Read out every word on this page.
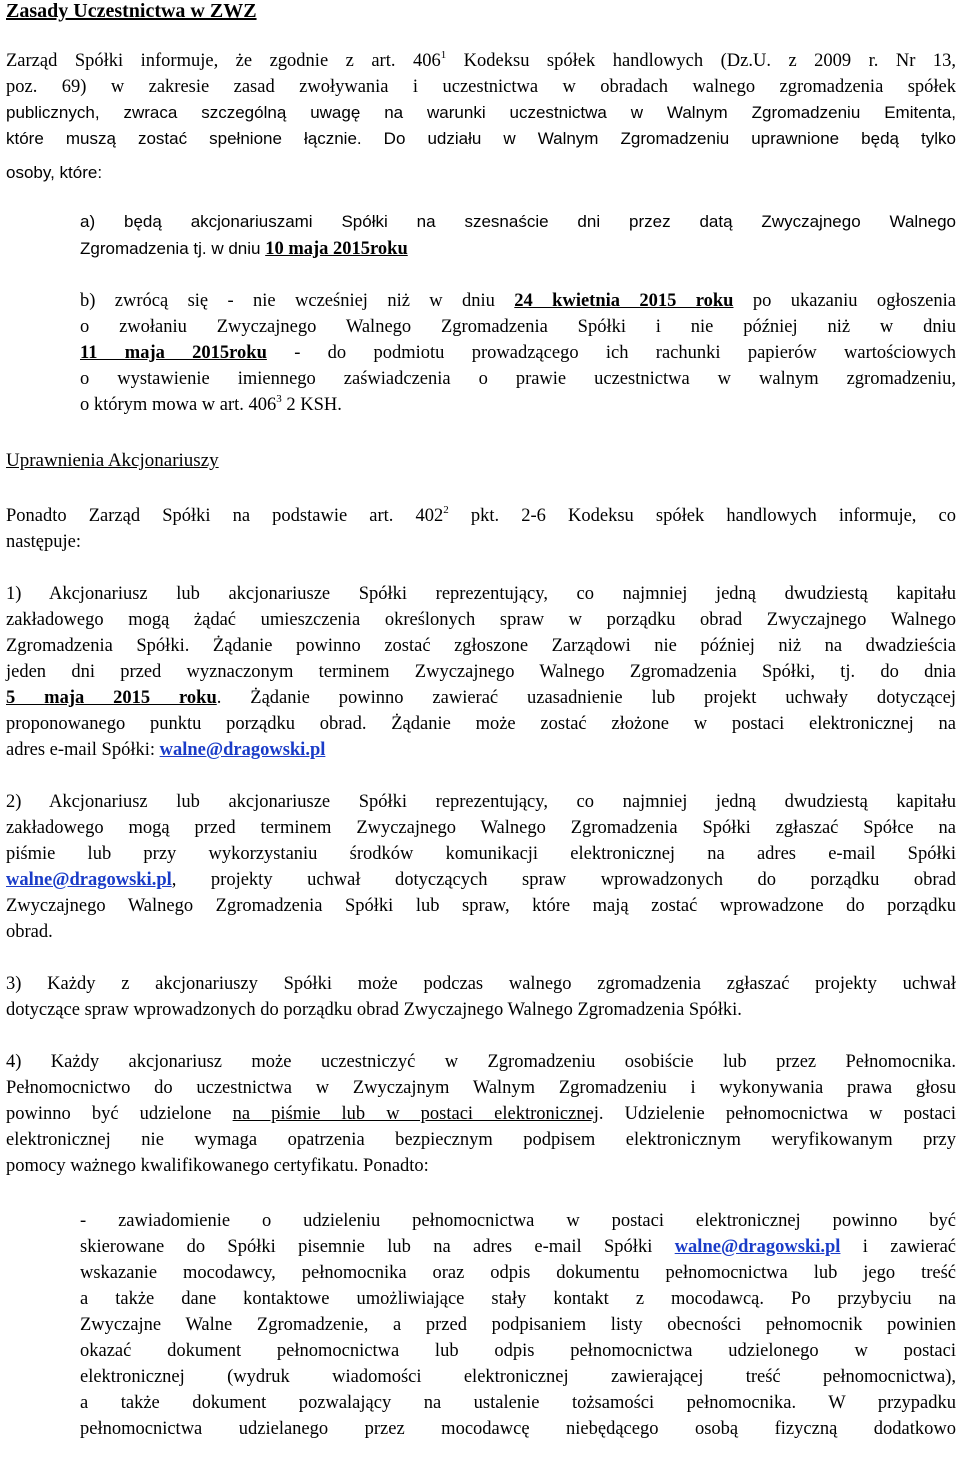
Zasady Uczestnictwa w ZWZ
Zarząd Spółki informuje, że zgodnie z art. $406^1$ Kodeksu spółek handlowych (Dz.U. z 2009 r. Nr 13,
poz. 69) w zakresie zasad zwoływania i uczestnictwa w obradach walnego zgromadzenia spółek
publicznych, zwraca szczególną uwagę na warunki uczestnictwa w Walnym Zgromadzeniu Emitenta,
które muszą zostać spełnione łącznie. Do udziału w Walnym Zgromadzeniu uprawnione będą tylko
osoby, które:
a) będą akcjonariuszami Spółki na szesnaście dni przez datą Zwyczajnego Walnego
Zgromadzenia tj. w dniu 10 maja 2015roku
b) zwrócą się - nie wcześniej niż w dniu 24 kwietnia 2015 roku po ukazaniu ogłoszenia
o zwołaniu Zwyczajnego Walnego Zgromadzenia Spółki i nie później niż w dniu
11 maja 2015roku - do podmiotu prowadzącego ich rachunki papierów wartościowych
o wystawienie imiennego zaświadczenia o prawie uczestnictwa w walnym zgromadzeniu,
o którym mowa w art. $406^3$ 2 KSH.
Uprawnienia Akcjonariuszy
Ponadto Zarząd Spółki na podstawie art. $402^2$ pkt. 2-6 Kodeksu spółek handlowych informuje, co
następuje:
1) Akcjonariusz lub akcjonariusze Spółki reprezentujący, co najmniej jedną dwudziestą kapitału
zakładowego mogą żądać umieszczenia określonych spraw w porządku obrad Zwyczajnego Walnego
Zgromadzenia Spółki. Żądanie powinno zostać zgłoszone Zarządowi nie później niż na dwadzieścia
jeden dni przed wyznaczonym terminem Zwyczajnego Walnego Zgromadzenia Spółki, tj. do dnia
5 maja 2015 roku. Żądanie powinno zawierać uzasadnienie lub projekt uchwały dotyczącej
proponowanego punktu porządku obrad. Żądanie może zostać złożone w postaci elektronicznej na
adres e-mail Spółki: walne@dragowski.pl
2) Akcjonariusz lub akcjonariusze Spółki reprezentujący, co najmniej jedną dwudziestą kapitału
zakładowego mogą przed terminem Zwyczajnego Walnego Zgromadzenia Spółki zgłaszać Spółce na
piśmie lub przy wykorzystaniu środków komunikacji elektronicznej na adres e-mail Spółki
walne@dragowski.pl, projekty uchwał dotyczących spraw wprowadzonych do porządku obrad
Zwyczajnego Walnego Zgromadzenia Spółki lub spraw, które mają zostać wprowadzone do porządku
obrad.
3) Każdy z akcjonariuszy Spółki może podczas walnego zgromadzenia zgłaszać projekty uchwał
dotyczące spraw wprowadzonych do porządku obrad Zwyczajnego Walnego Zgromadzenia Spółki.
4) Każdy akcjonariusz może uczestniczyć w Zgromadzeniu osobiście lub przez Pełnomocnika.
Pełnomocnictwo do uczestnictwa w Zwyczajnym Walnym Zgromadzeniu i wykonywania prawa głosu
powinno być udzielone na piśmie lub w postaci elektronicznej. Udzielenie pełnomocnictwa w postaci
elektronicznej nie wymaga opatrzenia bezpiecznym podpisem elektronicznym weryfikowanym przy
pomocy ważnego kwalifikowanego certyfikatu. Ponadto:
- zawiadomienie o udzieleniu pełnomocnictwa w postaci elektronicznej powinno być
skierowane do Spółki pisemnie lub na adres e-mail Spółki walne@dragowski.pl i zawierać
wskazanie mocodawcy, pełnomocnika oraz odpis dokumentu pełnomocnictwa lub jego treść
a także dane kontaktowe umożliwiające stały kontakt z mocodawcą. Po przybyciu na
Zwyczajne Walne Zgromadzenie, a przed podpisaniem listy obecności pełnomocnik powinien
okazać dokument pełnomocnictwa lub odpis pełnomocnictwa udzielonego w postaci
elektronicznej (wydruk wiadomości elektronicznej zawierającej treść pełnomocnictwa),
a także dokument pozwalający na ustalenie tożsamości pełnomocnika. W przypadku
pełnomocnictwa udzielanego przez mocodawcę niebędącego osobą fizyczną dodatkowo
